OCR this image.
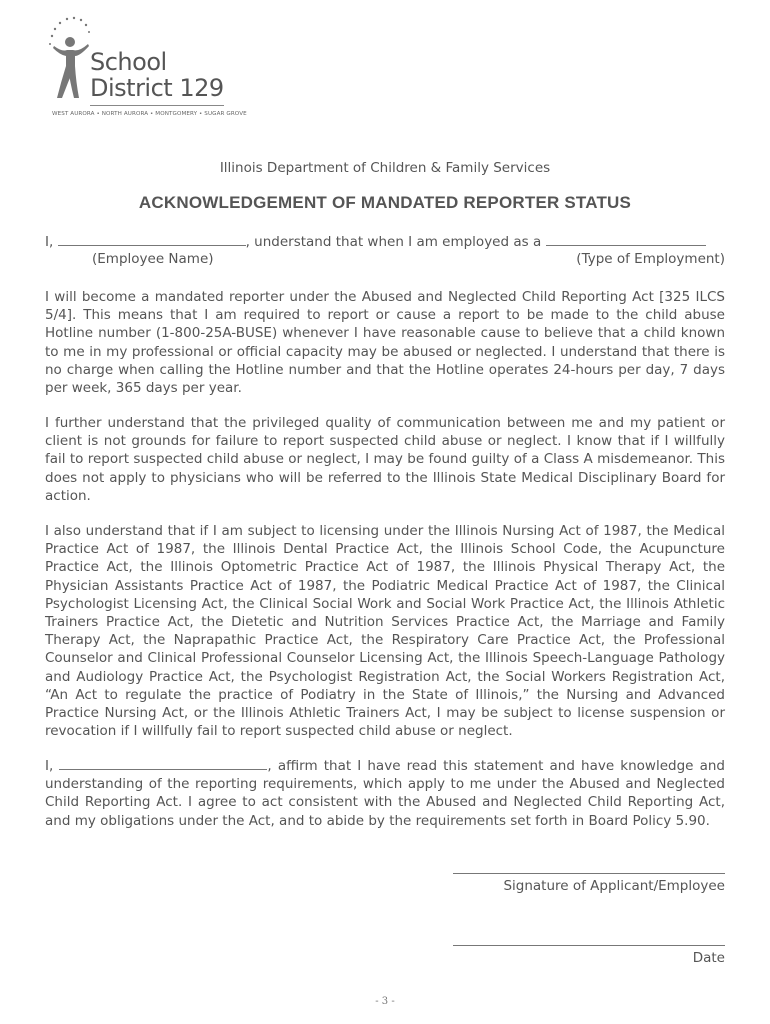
School
District 129
WEST AURORA • NORTH AURORA • MONTGOMERY • SUGAR GROVE
Illinois Department of Children & Family Services
ACKNOWLEDGEMENT OF MANDATED REPORTER STATUS
I,	, understand that when I am employed as a
(Employee Name)	(Type of Employment)
I will become a mandated reporter under the Abused and Neglected Child Reporting Act [325 ILCS 5/4]. This means that I am required to report or cause a report to be made to the child abuse Hotline number (1-800-25A-BUSE) whenever I have reasonable cause to believe that a child known to me in my professional or official capacity may be abused or neglected. I understand that there is no charge when calling the Hotline number and that the Hotline operates 24-hours per day, 7 days per week, 365 days per year.
I further understand that the privileged quality of communication between me and my patient or client is not grounds for failure to report suspected child abuse or neglect. I know that if I willfully fail to report suspected child abuse or neglect, I may be found guilty of a Class A misdemeanor. This does not apply to physicians who will be referred to the Illinois State Medical Disciplinary Board for action.
I also understand that if I am subject to licensing under the Illinois Nursing Act of 1987, the Medical Practice Act of 1987, the Illinois Dental Practice Act, the Illinois School Code, the Acupuncture Practice Act, the Illinois Optometric Practice Act of 1987, the Illinois Physical Therapy Act, the Physician Assistants Practice Act of 1987, the Podiatric Medical Practice Act of 1987, the Clinical Psychologist Licensing Act, the Clinical Social Work and Social Work Practice Act, the Illinois Athletic Trainers Practice Act, the Dietetic and Nutrition Services Practice Act, the Marriage and Family Therapy Act, the Naprapathic Practice Act, the Respiratory Care Practice Act, the Professional Counselor and Clinical Professional Counselor Licensing Act, the Illinois Speech-Language Pathology and Audiology Practice Act, the Psychologist Registration Act, the Social Workers Registration Act, “An Act to regulate the practice of Podiatry in the State of Illinois,” the Nursing and Advanced Practice Nursing Act, or the Illinois Athletic Trainers Act, I may be subject to license suspension or revocation if I willfully fail to report suspected child abuse or neglect.
I,	, affirm that I have read this statement and have knowledge and understanding of the reporting requirements, which apply to me under the Abused and Neglected Child Reporting Act. I agree to act consistent with the Abused and Neglected Child Reporting Act, and my obligations under the Act, and to abide by the requirements set forth in Board Policy 5.90.
Signature of Applicant/Employee
Date
- 3 -
